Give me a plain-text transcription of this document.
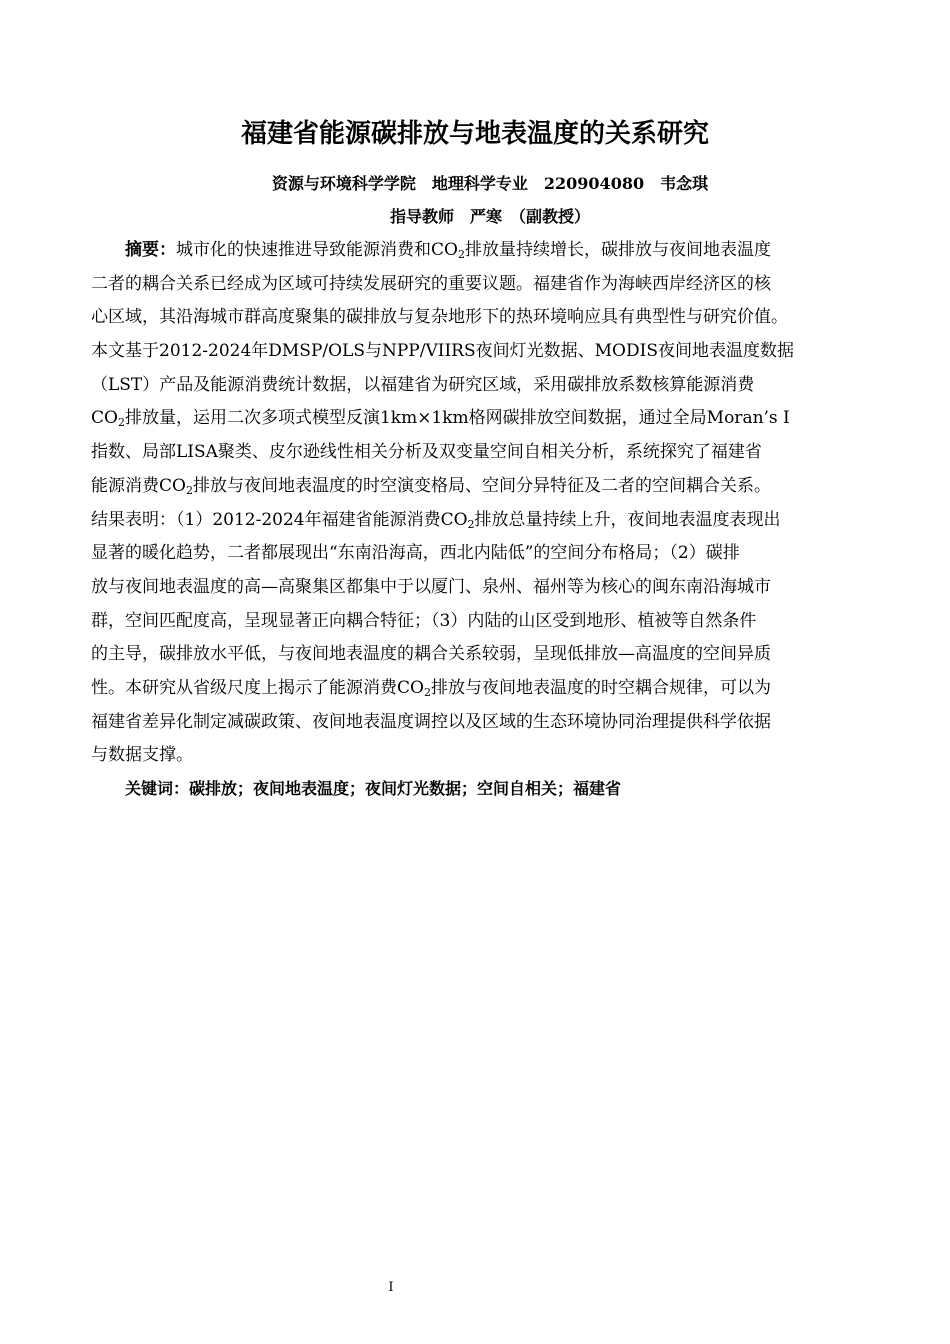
福建省能源碳排放与地表温度的关系研究
资源与环境科学学院　地理科学专业　220904080　韦念琪
指导教师　严寒　（副教授）
摘要：城市化的快速推进导致能源消费和$CO_2$排放量持续增长，碳排放与夜间地表温度
二者的耦合关系已经成为区域可持续发展研究的重要议题。福建省作为海峡西岸经济区的核
心区域，其沿海城市群高度聚集的碳排放与复杂地形下的热环境响应具有典型性与研究价值。
本文基于2012-2024年DMSP/OLS与NPP/VIIRS夜间灯光数据、MODIS夜间地表温度数据
（LST）产品及能源消费统计数据，以福建省为研究区域，采用碳排放系数核算能源消费
$CO_2$排放量，运用二次多项式模型反演1km×1km格网碳排放空间数据，通过全局Moran’s I
指数、局部LISA聚类、皮尔逊线性相关分析及双变量空间自相关分析，系统探究了福建省
能源消费$CO_2$排放与夜间地表温度的时空演变格局、空间分异特征及二者的空间耦合关系。
结果表明：（1）2012-2024年福建省能源消费$CO_2$排放总量持续上升，夜间地表温度表现出
显著的暖化趋势，二者都展现出“东南沿海高，西北内陆低”的空间分布格局；（2）碳排
放与夜间地表温度的高—高聚集区都集中于以厦门、泉州、福州等为核心的闽东南沿海城市
群，空间匹配度高，呈现显著正向耦合特征；（3）内陆的山区受到地形、植被等自然条件
的主导，碳排放水平低，与夜间地表温度的耦合关系较弱，呈现低排放—高温度的空间异质
性。本研究从省级尺度上揭示了能源消费$CO_2$排放与夜间地表温度的时空耦合规律，可以为
福建省差异化制定减碳政策、夜间地表温度调控以及区域的生态环境协同治理提供科学依据
与数据支撑。
关键词：碳排放；夜间地表温度；夜间灯光数据；空间自相关；福建省
I
